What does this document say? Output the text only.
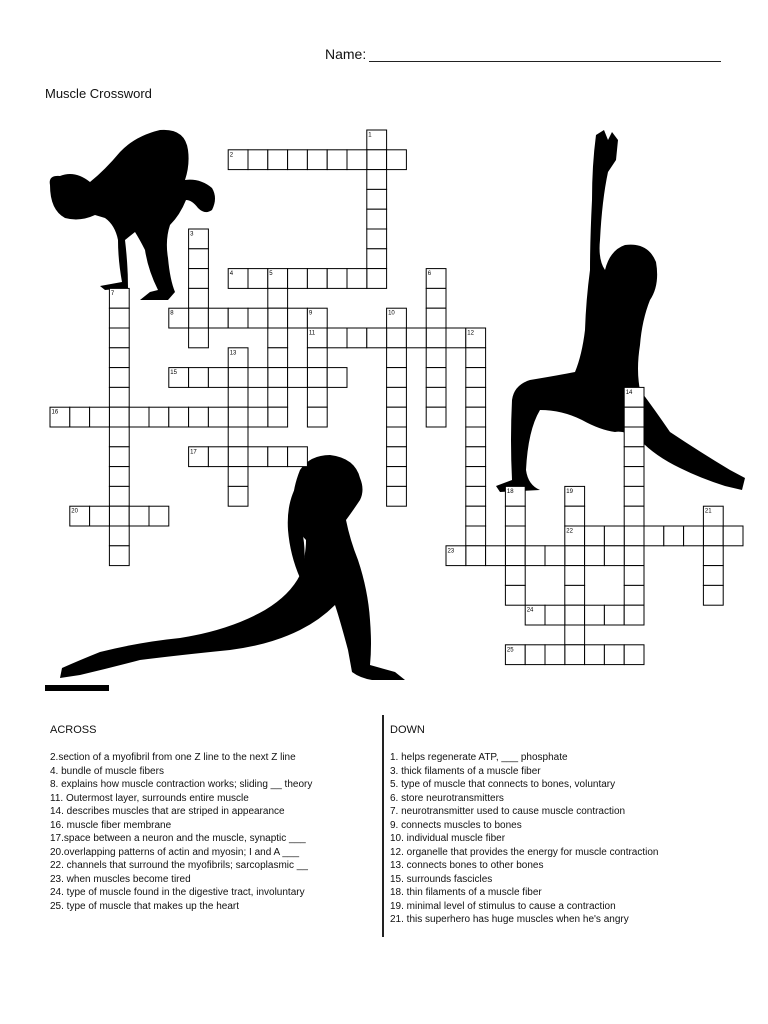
Name:
Muscle Crossword
1
2
3
4	5	6
7
8	9	10
11	12
13
15
14
16
17
18	19
20	21
22
23
24
25
ACROSS
2.section of a myofibril from one Z line to the next Z line
4. bundle of muscle fibers
8. explains how muscle contraction works; sliding __ theory
11. Outermost layer, surrounds entire muscle
14. describes muscles that are striped in appearance
16. muscle fiber membrane
17.space between a neuron and the muscle, synaptic ___
20.overlapping patterns of actin and myosin; I and A ___
22. channels that surround the myofibrils; sarcoplasmic __
23. when muscles become tired
24. type of muscle found in the digestive tract, involuntary
25. type of muscle that makes up the heart
DOWN
1. helps regenerate ATP, ___ phosphate
3. thick filaments of a muscle fiber
5. type of muscle that connects to bones, voluntary
6. store neurotransmitters
7. neurotransmitter used to cause muscle contraction
9. connects muscles to bones
10. individual muscle fiber
12. organelle that provides the energy for muscle contraction
13. connects bones to other bones
15. surrounds fascicles
18. thin filaments of a muscle fiber
19. minimal level of stimulus to cause a contraction
21. this superhero has huge muscles when he's angry
